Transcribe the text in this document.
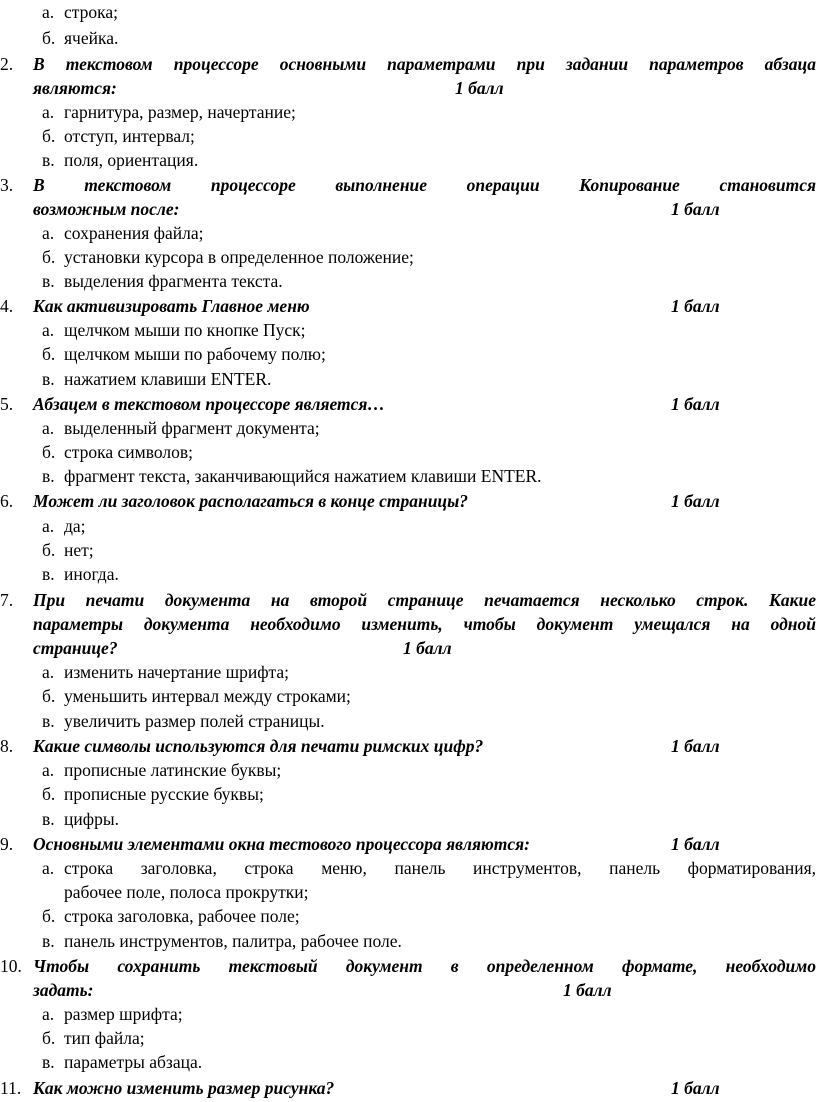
а. строка;
б. ячейка.
2. В текстовом процессоре основными параметрами при задании параметров абзаца
являются:	1 балл
а. гарнитура, размер, начертание;
б. отступ, интервал;
в. поля, ориентация.
3. В текстовом процессоре выполнение операции Копирование становится
возможным после:	1 балл
а. сохранения файла;
б. установки курсора в определенное положение;
в. выделения фрагмента текста.
4. Как активизировать Главное меню	1 балл
а. щелчком мыши по кнопке Пуск;
б. щелчком мыши по рабочему полю;
в. нажатием клавиши ENTER.
5. Абзацем в текстовом процессоре является…	1 балл
а. выделенный фрагмент документа;
б. строка символов;
в. фрагмент текста, заканчивающийся нажатием клавиши ENTER.
6. Может ли заголовок располагаться в конце страницы?	1 балл
а. да;
б. нет;
в. иногда.
7. При печати документа на второй странице печатается несколько строк. Какие
параметры документа необходимо изменить, чтобы документ умещался на одной
странице?	1 балл
а. изменить начертание шрифта;
б. уменьшить интервал между строками;
в. увеличить размер полей страницы.
8. Какие символы используются для печати римских цифр?	1 балл
а. прописные латинские буквы;
б. прописные русские буквы;
в. цифры.
9. Основными элементами окна тестового процессора являются:	1 балл
а. строка заголовка, строка меню, панель инструментов, панель форматирования,
рабочее поле, полоса прокрутки;
б. строка заголовка, рабочее поле;
в. панель инструментов, палитра, рабочее поле.
10. Чтобы сохранить текстовый документ в определенном формате, необходимо
задать:	1 балл
а. размер шрифта;
б. тип файла;
в. параметры абзаца.
11. Как можно изменить размер рисунка?	1 балл
